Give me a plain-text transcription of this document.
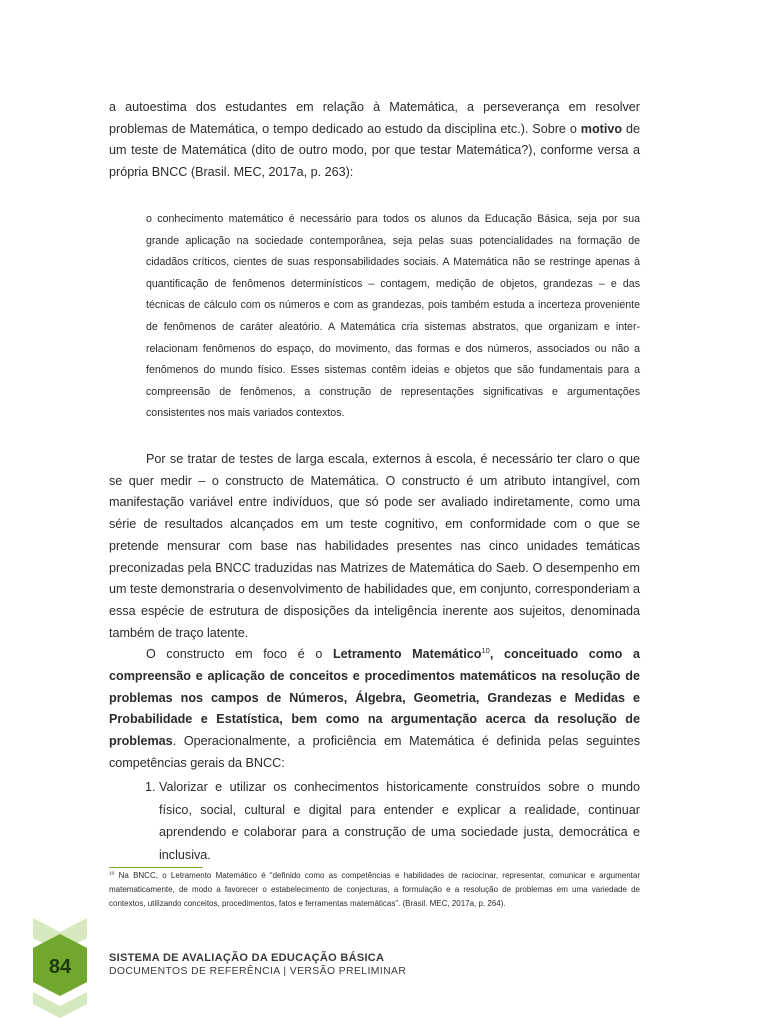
a autoestima dos estudantes em relação à Matemática, a perseverança em resolver problemas de Matemática, o tempo dedicado ao estudo da disciplina etc.). Sobre o motivo de um teste de Matemática (dito de outro modo, por que testar Matemática?), conforme versa a própria BNCC (Brasil. MEC, 2017a, p. 263):

o conhecimento matemático é necessário para todos os alunos da Educação Básica, seja por sua grande aplicação na sociedade contemporânea, seja pelas suas potencialidades na formação de cidadãos críticos, cientes de suas responsabilidades sociais. A Matemática não se restringe apenas à quantificação de fenômenos determinísticos – contagem, medição de objetos, grandezas – e das técnicas de cálculo com os números e com as grandezas, pois também estuda a incerteza proveniente de fenômenos de caráter aleatório. A Matemática cria sistemas abstratos, que organizam e inter-relacionam fenômenos do espaço, do movimento, das formas e dos números, associados ou não a fenômenos do mundo físico. Esses sistemas contêm ideias e objetos que são fundamentais para a compreensão de fenômenos, a construção de representações significativas e argumentações consistentes nos mais variados contextos.

Por se tratar de testes de larga escala, externos à escola, é necessário ter claro o que se quer medir – o constructo de Matemática. O constructo é um atributo intangível, com manifestação variável entre indivíduos, que só pode ser avaliado indiretamente, como uma série de resultados alcançados em um teste cognitivo, em conformidade com o que se pretende mensurar com base nas habilidades presentes nas cinco unidades temáticas preconizadas pela BNCC traduzidas nas Matrizes de Matemática do Saeb. O desempenho em um teste demonstraria o desenvolvimento de habilidades que, em conjunto, corresponderiam a essa espécie de estrutura de disposições da inteligência inerente aos sujeitos, denominada também de traço latente.

O constructo em foco é o Letramento Matemático$^{10}$, conceituado como a compreensão e aplicação de conceitos e procedimentos matemáticos na resolução de problemas nos campos de Números, Álgebra, Geometria, Grandezas e Medidas e Probabilidade e Estatística, bem como na argumentação acerca da resolução de problemas. Operacionalmente, a proficiência em Matemática é definida pelas seguintes competências gerais da BNCC:

1. Valorizar e utilizar os conhecimentos historicamente construídos sobre o mundo físico, social, cultural e digital para entender e explicar a realidade, continuar aprendendo e colaborar para a construção de uma sociedade justa, democrática e inclusiva.

$^{10}$ Na BNCC, o Letramento Matemático é “definido como as competências e habilidades de raciocinar, representar, comunicar e argumentar matematicamente, de modo a favorecer o estabelecimento de conjecturas, a formulação e a resolução de problemas em uma variedade de contextos, utilizando conceitos, procedimentos, fatos e ferramentas matemáticas”. (Brasil. MEC, 2017a, p. 264).

84	SISTEMA DE AVALIAÇÃO DA EDUCAÇÃO BÁSICA
DOCUMENTOS DE REFERÊNCIA | VERSÃO PRELIMINAR
